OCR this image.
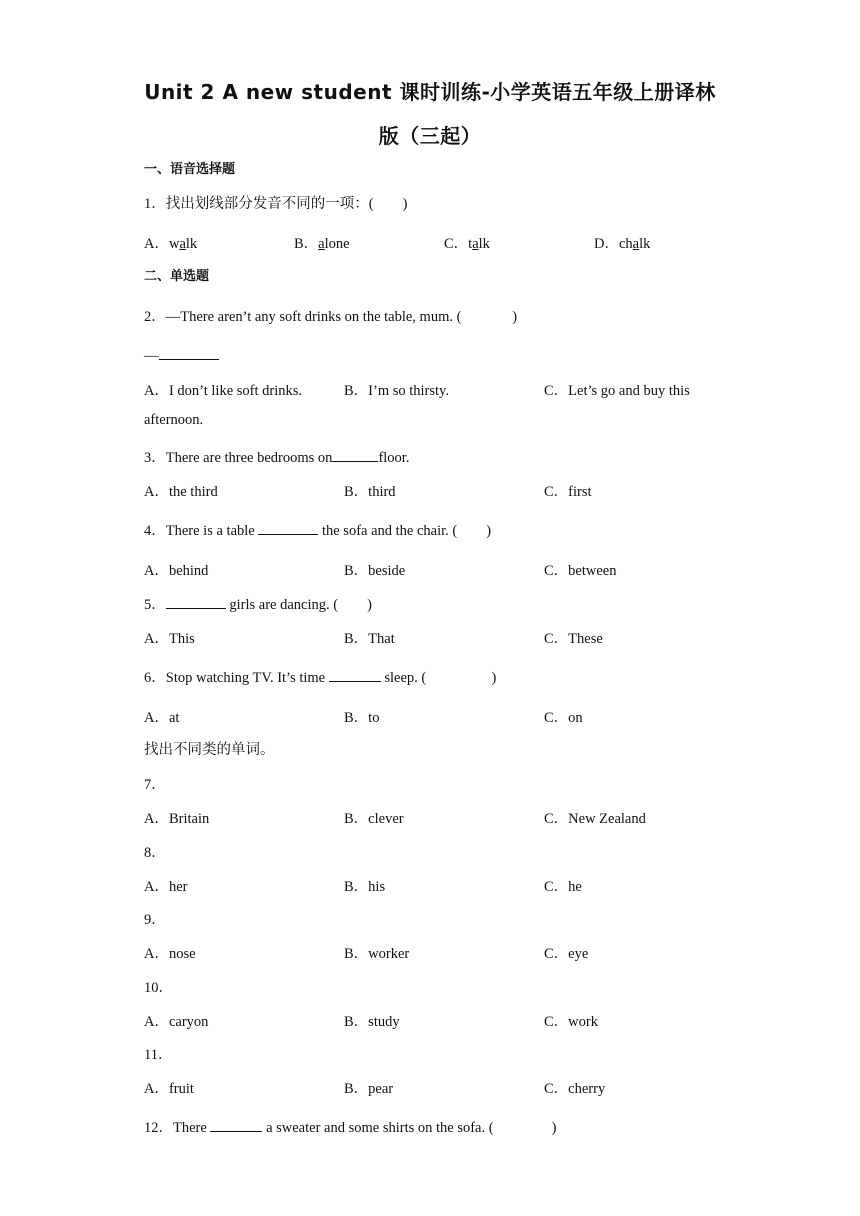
Unit 2 A new student 课时训练-小学英语五年级上册译林
版（三起）
一、语音选择题
1．找出划线部分发音不同的一项：(        )
A．walk	B．alone	C．talk	D．chalk
二、单选题
2．—There aren’t any soft drinks on the table, mum. (              )
—
A．I don’t like soft drinks.	B．I’m so thirsty.	C．Let’s go and buy this
afternoon.
3．There are three bedrooms on	floor.
A．the third	B．third	C．first
4．There is a table	the sofa and the chair. (        )
A．behind	B．beside	C．between
5．	girls are dancing. (        )
A．This	B．That	C．These
6．Stop watching TV. It’s time	sleep. (                  )
A．at	B．to	C．on
找出不同类的单词。
7．
A．Britain	B．clever	C．New Zealand
8．
A．her	B．his	C．he
9．
A．nose	B．worker	C．eye
10．
A．caryon	B．study	C．work
11．
A．fruit	B．pear	C．cherry
12．There	a sweater and some shirts on the sofa. (                )
